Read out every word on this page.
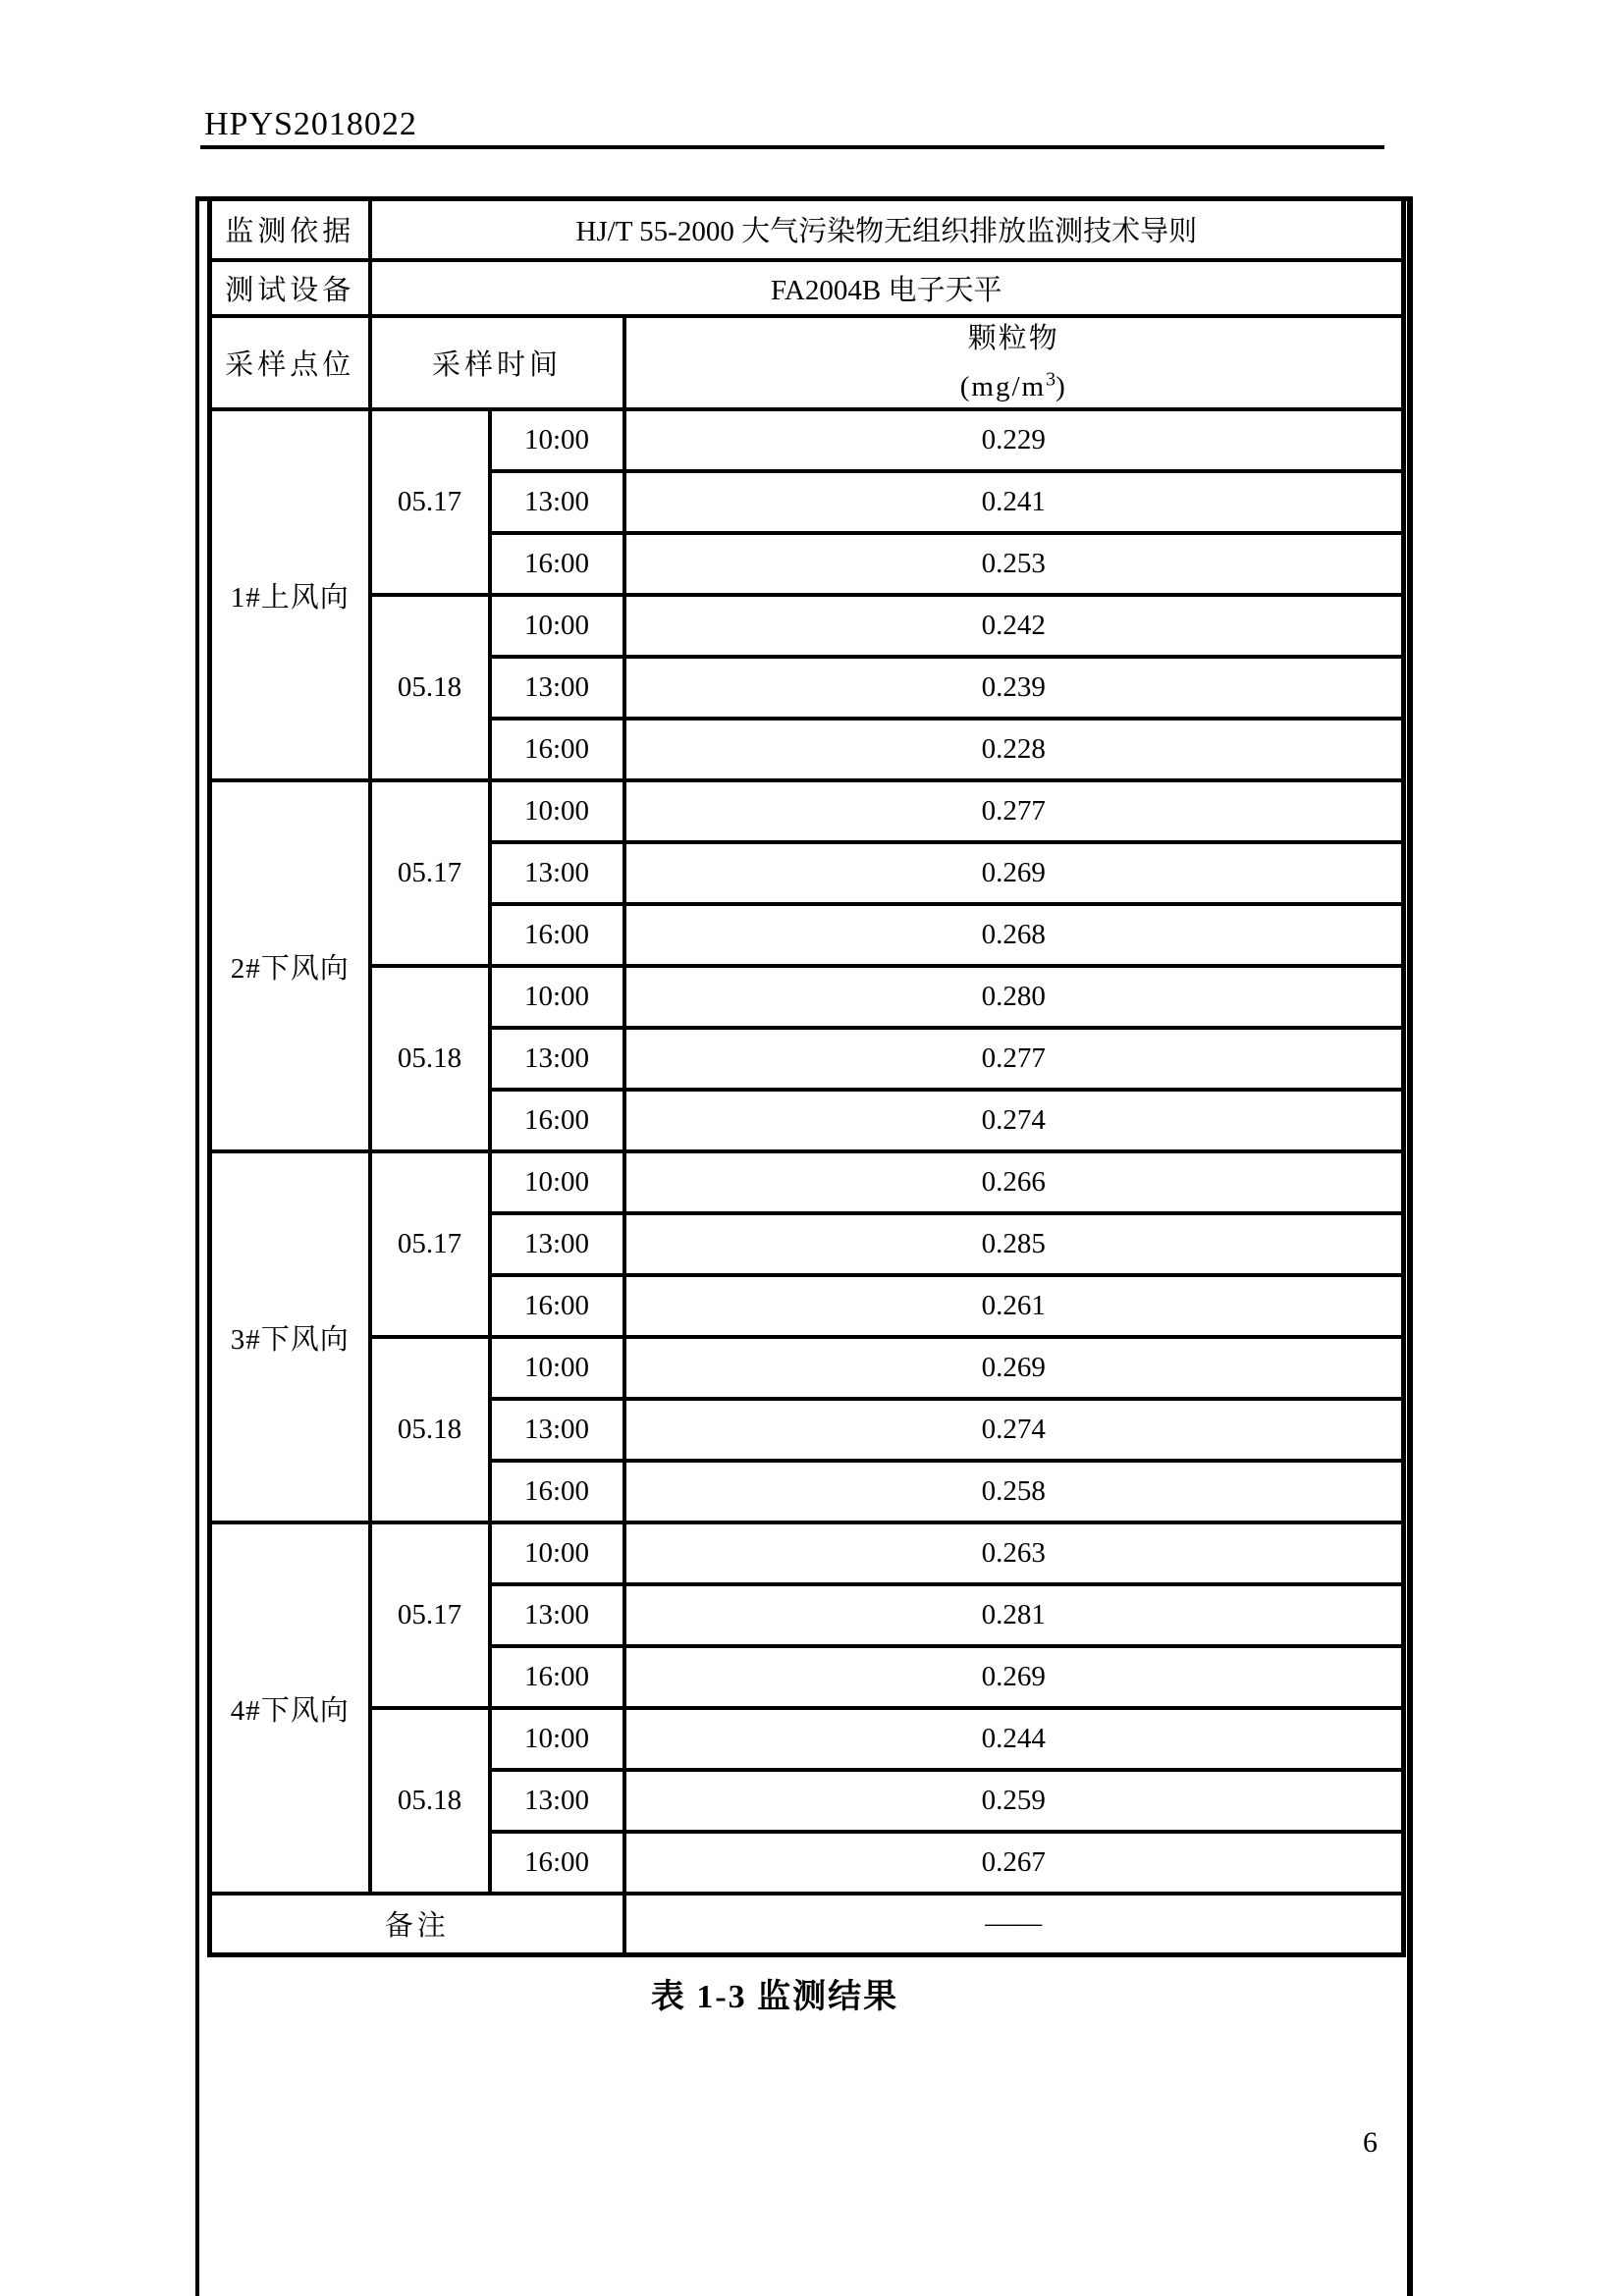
HPYS2018022
监测依据	HJ/T 55-2000 大气污染物无组织排放监测技术导则		
测试设备	FA2004B 电子天平		
采样点位	采样时间		颗粒物
$(mg/m^3)$
1#上风向	05.17	10:00	0.229
		13:00	0.241
		16:00	0.253
	05.18	10:00	0.242
		13:00	0.239
		16:00	0.228
2#下风向	05.17	10:00	0.277
		13:00	0.269
		16:00	0.268
	05.18	10:00	0.280
		13:00	0.277
		16:00	0.274
3#下风向	05.17	10:00	0.266
		13:00	0.285
		16:00	0.261
	05.18	10:00	0.269
		13:00	0.274
		16:00	0.258
4#下风向	05.17	10:00	0.263
		13:00	0.281
		16:00	0.269
	05.18	10:00	0.244
		13:00	0.259
		16:00	0.267
备注			——
表 1-3 监测结果
6
